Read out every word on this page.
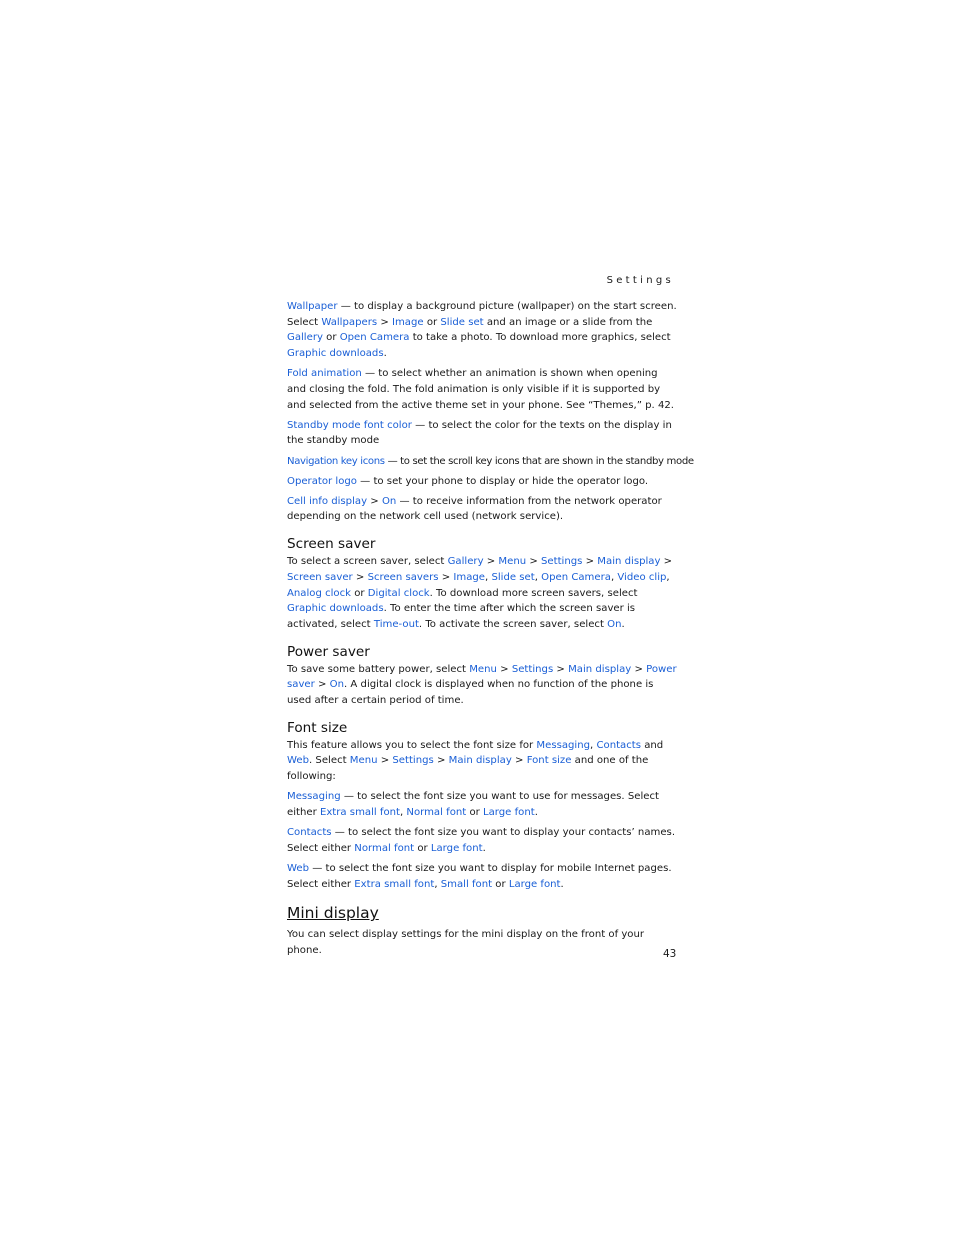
Settings

Wallpaper — to display a background picture (wallpaper) on the start screen. Select Wallpapers > Image or Slide set and an image or a slide from the Gallery or Open Camera to take a photo. To download more graphics, select Graphic downloads.

Fold animation — to select whether an animation is shown when opening and closing the fold. The fold animation is only visible if it is supported by and selected from the active theme set in your phone. See “Themes,” p. 42.

Standby mode font color — to select the color for the texts on the display in the standby mode

Navigation key icons — to set the scroll key icons that are shown in the standby mode

Operator logo — to set your phone to display or hide the operator logo.

Cell info display > On — to receive information from the network operator depending on the network cell used (network service).

Screen saver

To select a screen saver, select Gallery > Menu > Settings > Main display > Screen saver > Screen savers > Image, Slide set, Open Camera, Video clip, Analog clock or Digital clock. To download more screen savers, select Graphic downloads. To enter the time after which the screen saver is activated, select Time-out. To activate the screen saver, select On.

Power saver

To save some battery power, select Menu > Settings > Main display > Power saver > On. A digital clock is displayed when no function of the phone is used after a certain period of time.

Font size

This feature allows you to select the font size for Messaging, Contacts and Web. Select Menu > Settings > Main display > Font size and one of the following:

Messaging — to select the font size you want to use for messages. Select either Extra small font, Normal font or Large font.

Contacts — to select the font size you want to display your contacts’ names. Select either Normal font or Large font.

Web — to select the font size you want to display for mobile Internet pages. Select either Extra small font, Small font or Large font.

Mini display

You can select display settings for the mini display on the front of your phone.	43
